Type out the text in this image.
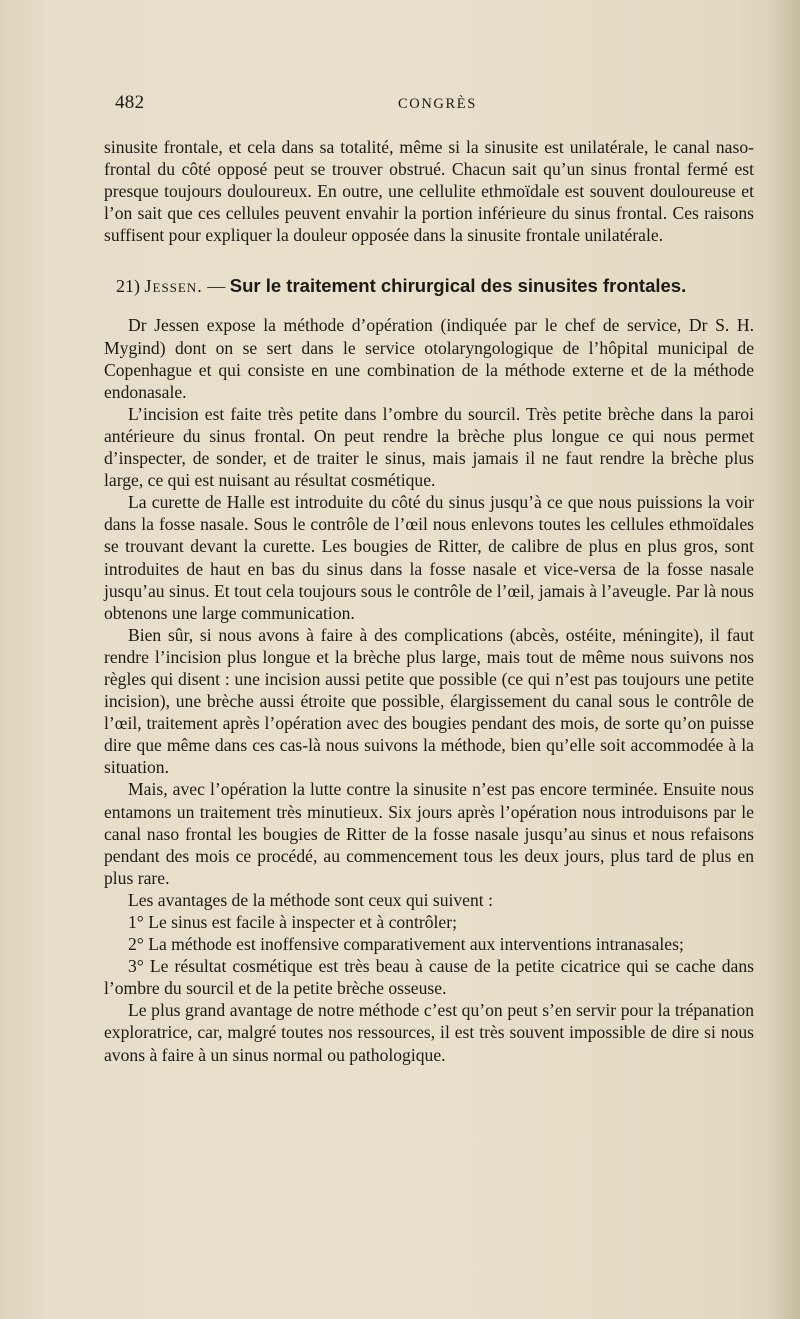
482	CONGRÈS

sinusite frontale, et cela dans sa totalité, même si la sinusite est unilatérale, le canal naso-frontal du côté opposé peut se trouver obstrué. Chacun sait qu’un sinus frontal fermé est presque toujours douloureux. En outre, une cellulite ethmoïdale est souvent douloureuse et l’on sait que ces cellules peuvent envahir la portion inférieure du sinus frontal. Ces raisons suffisent pour expliquer la douleur opposée dans la sinusite frontale unilatérale.

21) Jessen. — Sur le traitement chirurgical des sinusites frontales.

Dr Jessen expose la méthode d’opération (indiquée par le chef de service, Dr S. H. Mygind) dont on se sert dans le service otolaryngologique de l’hôpital municipal de Copenhague et qui consiste en une combination de la méthode externe et de la méthode endonasale.

L’incision est faite très petite dans l’ombre du sourcil. Très petite brèche dans la paroi antérieure du sinus frontal. On peut rendre la brèche plus longue ce qui nous permet d’inspecter, de sonder, et de traiter le sinus, mais jamais il ne faut rendre la brèche plus large, ce qui est nuisant au résultat cosmétique.

La curette de Halle est introduite du côté du sinus jusqu’à ce que nous puissions la voir dans la fosse nasale. Sous le contrôle de l’œil nous enlevons toutes les cellules ethmoïdales se trouvant devant la curette. Les bougies de Ritter, de calibre de plus en plus gros, sont introduites de haut en bas du sinus dans la fosse nasale et vice-versa de la fosse nasale jusqu’au sinus. Et tout cela toujours sous le contrôle de l’œil, jamais à l’aveugle. Par là nous obtenons une large communication.

Bien sûr, si nous avons à faire à des complications (abcès, ostéite, méningite), il faut rendre l’incision plus longue et la brèche plus large, mais tout de même nous suivons nos règles qui disent : une incision aussi petite que possible (ce qui n’est pas toujours une petite incision), une brèche aussi étroite que possible, élargissement du canal sous le contrôle de l’œil, traitement après l’opération avec des bougies pendant des mois, de sorte qu’on puisse dire que même dans ces cas-là nous suivons la méthode, bien qu’elle soit accommodée à la situation.

Mais, avec l’opération la lutte contre la sinusite n’est pas encore terminée. Ensuite nous entamons un traitement très minutieux. Six jours après l’opération nous introduisons par le canal naso frontal les bougies de Ritter de la fosse nasale jusqu’au sinus et nous refaisons pendant des mois ce procédé, au commencement tous les deux jours, plus tard de plus en plus rare.

Les avantages de la méthode sont ceux qui suivent :

1° Le sinus est facile à inspecter et à contrôler;

2° La méthode est inoffensive comparativement aux interventions intranasales;

3° Le résultat cosmétique est très beau à cause de la petite cicatrice qui se cache dans l’ombre du sourcil et de la petite brèche osseuse.

Le plus grand avantage de notre méthode c’est qu’on peut s’en servir pour la trépanation exploratrice, car, malgré toutes nos ressources, il est très souvent impossible de dire si nous avons à faire à un sinus normal ou pathologique.
